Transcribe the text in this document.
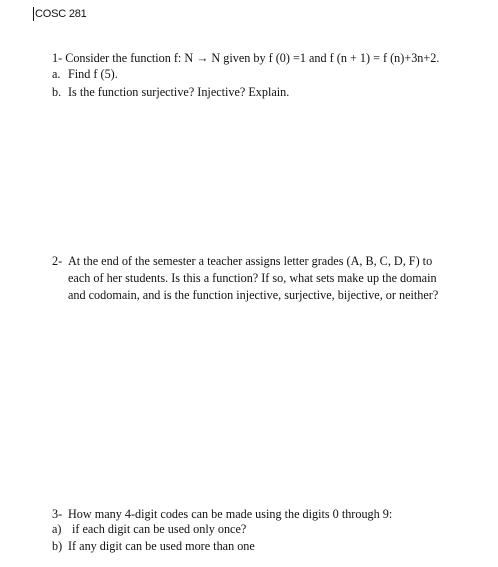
COSC 281
1- Consider the function f: N → N given by f (0) =1 and f (n + 1) = f (n)+3n+2.
a. Find f (5).
b. Is the function surjective? Injective? Explain.
2- At the end of the semester a teacher assigns letter grades (A, B, C, D, F) to
each of her students. Is this a function? If so, what sets make up the domain
and codomain, and is the function injective, surjective, bijective, or neither?
3- How many 4-digit codes can be made using the digits 0 through 9:
a) if each digit can be used only once?
b) If any digit can be used more than one
